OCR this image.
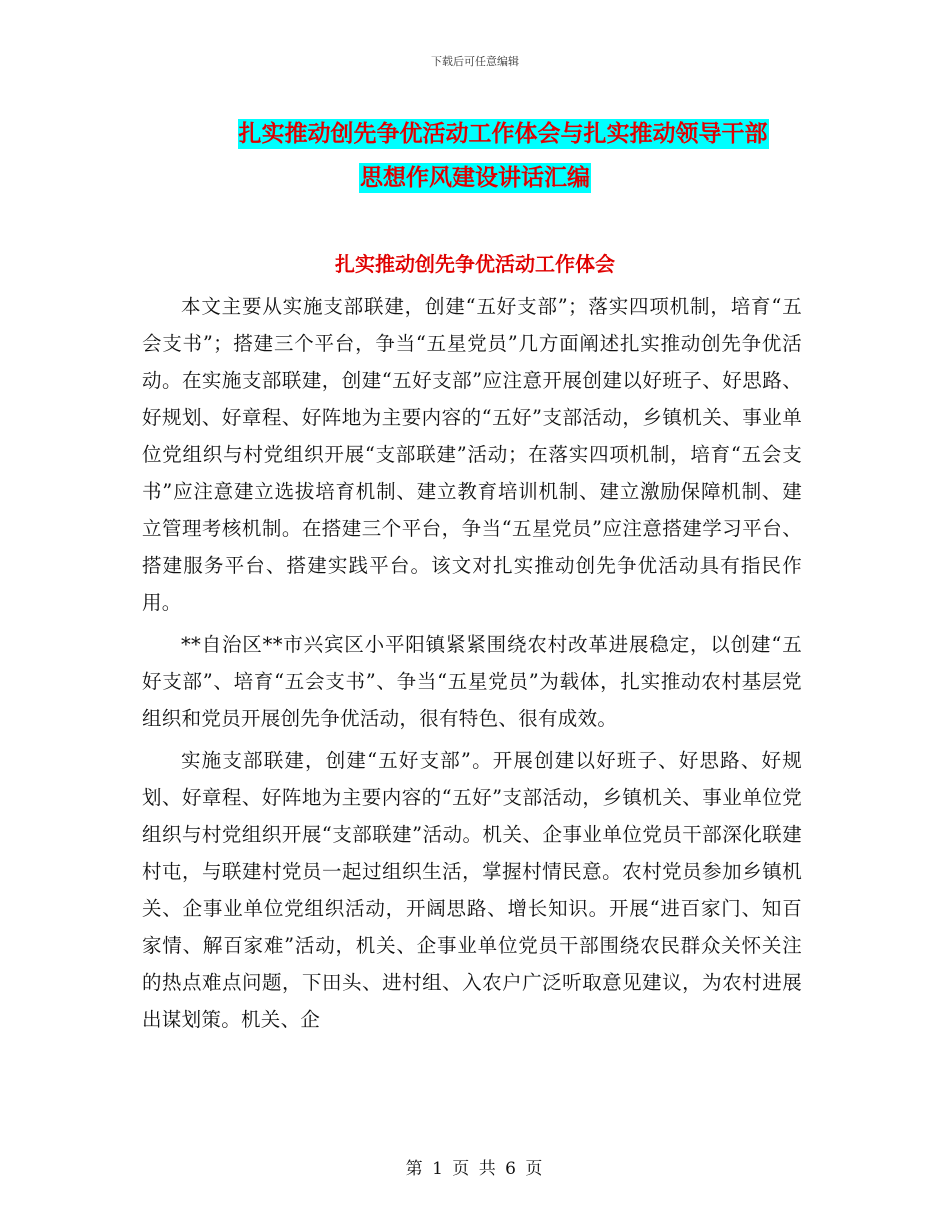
下载后可任意编辑
扎实推动创先争优活动工作体会与扎实推动领导干部
思想作风建设讲话汇编
扎实推动创先争优活动工作体会

本文主要从实施支部联建，创建“五好支部”；落实四项机制，培育“五会支书”；搭建三个平台，争当“五星党员”几方面阐述扎实推动创先争优活动。在实施支部联建，创建“五好支部”应注意开展创建以好班子、好思路、好规划、好章程、好阵地为主要内容的“五好”支部活动，乡镇机关、事业单位党组织与村党组织开展“支部联建”活动；在落实四项机制，培育“五会支书”应注意建立选拔培育机制、建立教育培训机制、建立激励保障机制、建立管理考核机制。在搭建三个平台，争当“五星党员”应注意搭建学习平台、搭建服务平台、搭建实践平台。该文对扎实推动创先争优活动具有指民作用。

**自治区**市兴宾区小平阳镇紧紧围绕农村改革进展稳定，以创建“五好支部”、培育“五会支书”、争当“五星党员”为载体，扎实推动农村基层党组织和党员开展创先争优活动，很有特色、很有成效。

实施支部联建，创建“五好支部”。开展创建以好班子、好思路、好规划、好章程、好阵地为主要内容的“五好”支部活动，乡镇机关、事业单位党组织与村党组织开展“支部联建”活动。机关、企事业单位党员干部深化联建村屯，与联建村党员一起过组织生活，掌握村情民意。农村党员参加乡镇机关、企事业单位党组织活动，开阔思路、增长知识。开展“进百家门、知百家情、解百家难”活动，机关、企事业单位党员干部围绕农民群众关怀关注的热点难点问题，下田头、进村组、入农户广泛听取意见建议，为农村进展出谋划策。机关、企

第 1 页 共 6 页
